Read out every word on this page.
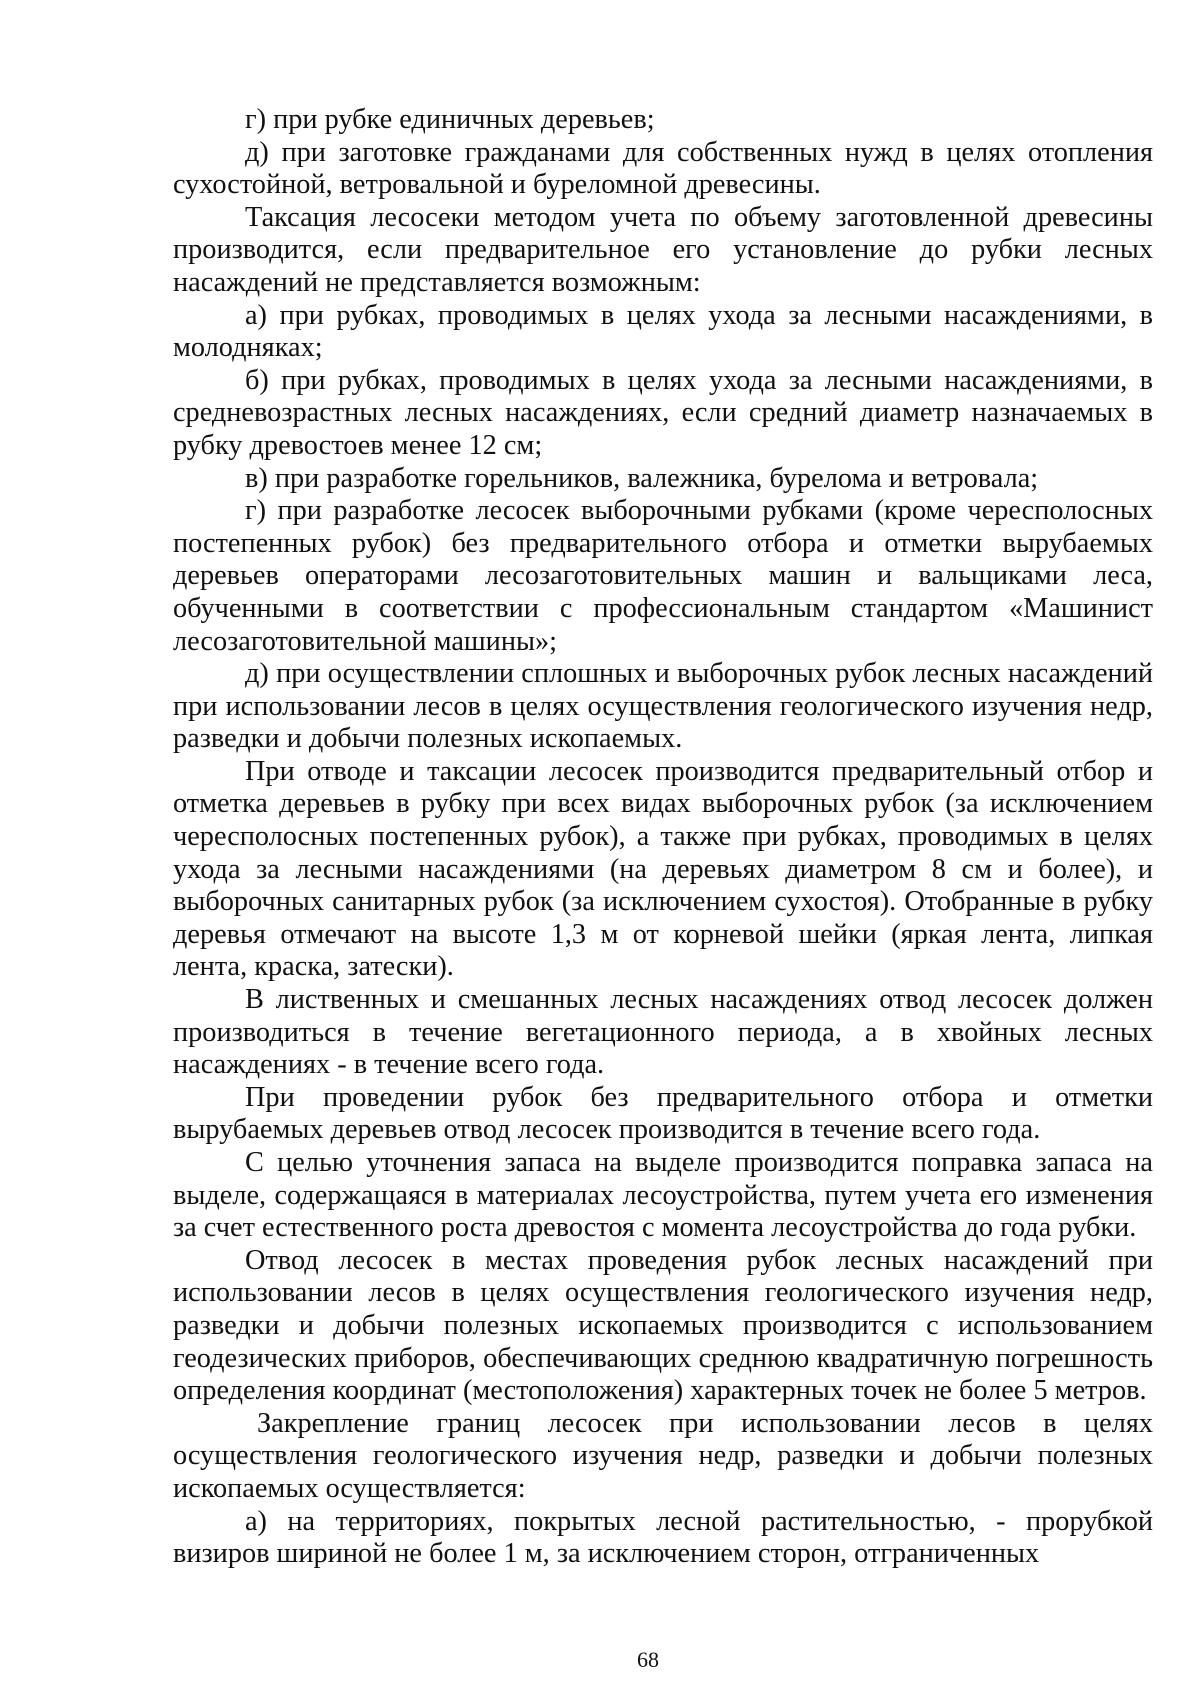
г) при рубке единичных деревьев;

д) при заготовке гражданами для собственных нужд в целях отопления сухостойной, ветровальной и буреломной древесины.

Таксация лесосеки методом учета по объему заготовленной древесины производится, если предварительное его установление до рубки лесных насаждений не представляется возможным:

а) при рубках, проводимых в целях ухода за лесными насаждениями, в молодняках;

б) при рубках, проводимых в целях ухода за лесными насаждениями, в средневозрастных лесных насаждениях, если средний диаметр назначаемых в рубку древостоев менее 12 см;

в) при разработке горельников, валежника, бурелома и ветровала;

г) при разработке лесосек выборочными рубками (кроме чересполосных постепенных рубок) без предварительного отбора и отметки вырубаемых деревьев операторами лесозаготовительных машин и вальщиками леса, обученными в соответствии с профессиональным стандартом «Машинист лесозаготовительной машины»;

д) при осуществлении сплошных и выборочных рубок лесных насаждений при использовании лесов в целях осуществления геологического изучения недр, разведки и добычи полезных ископаемых.

При отводе и таксации лесосек производится предварительный отбор и отметка деревьев в рубку при всех видах выборочных рубок (за исключением чересполосных постепенных рубок), а также при рубках, проводимых в целях ухода за лесными насаждениями (на деревьях диаметром 8 см и более), и выборочных санитарных рубок (за исключением сухостоя). Отобранные в рубку деревья отмечают на высоте 1,3 м от корневой шейки (яркая лента, липкая лента, краска, затески).

В лиственных и смешанных лесных насаждениях отвод лесосек должен производиться в течение вегетационного периода, а в хвойных лесных насаждениях - в течение всего года.

При проведении рубок без предварительного отбора и отметки вырубаемых деревьев отвод лесосек производится в течение всего года.

С целью уточнения запаса на выделе производится поправка запаса на выделе, содержащаяся в материалах лесоустройства, путем учета его изменения за счет естественного роста древостоя с момента лесоустройства до года рубки.

Отвод лесосек в местах проведения рубок лесных насаждений при использовании лесов в целях осуществления геологического изучения недр, разведки и добычи полезных ископаемых производится с использованием геодезических приборов, обеспечивающих среднюю квадратичную погрешность определения координат (местоположения) характерных точек не более 5 метров.

Закрепление границ лесосек при использовании лесов в целях осуществления геологического изучения недр, разведки и добычи полезных ископаемых осуществляется:

а) на территориях, покрытых лесной растительностью, - прорубкой визиров шириной не более 1 м, за исключением сторон, отграниченных

68
